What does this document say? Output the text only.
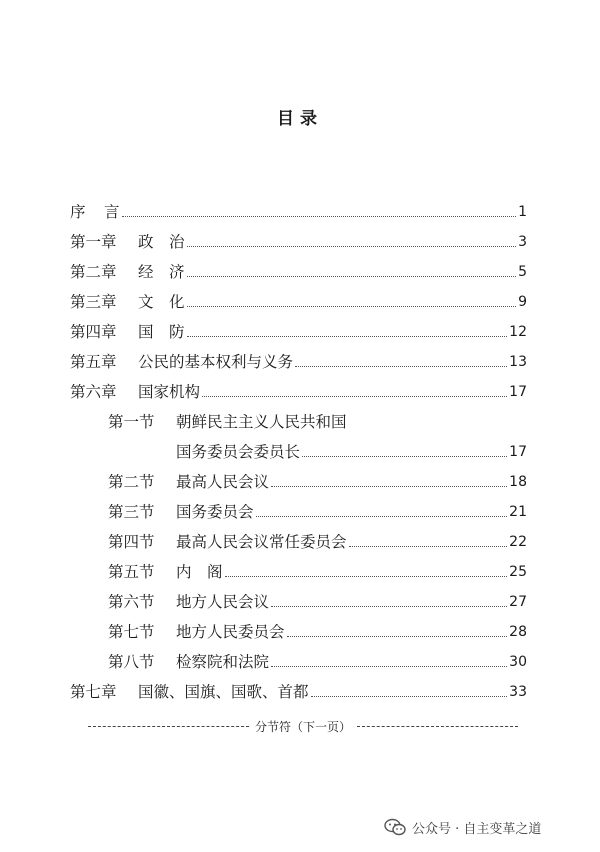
目录
序 言	1
第一章 政　治	3
第二章 经　济	5
第三章 文　化	9
第四章 国　防	12
第五章 公民的基本权利与义务	13
第六章 国家机构	17
第一节 朝鲜民主主义人民共和国
国务委员会委员长	17
第二节 最高人民会议	18
第三节 国务委员会	21
第四节 最高人民会议常任委员会	22
第五节 内　阁	25
第六节 地方人民会议	27
第七节 地方人民委员会	28
第八节 检察院和法院	30
第七章 国徽、国旗、国歌、首都	33
分节符（下一页）
公众号 · 自主变革之道
